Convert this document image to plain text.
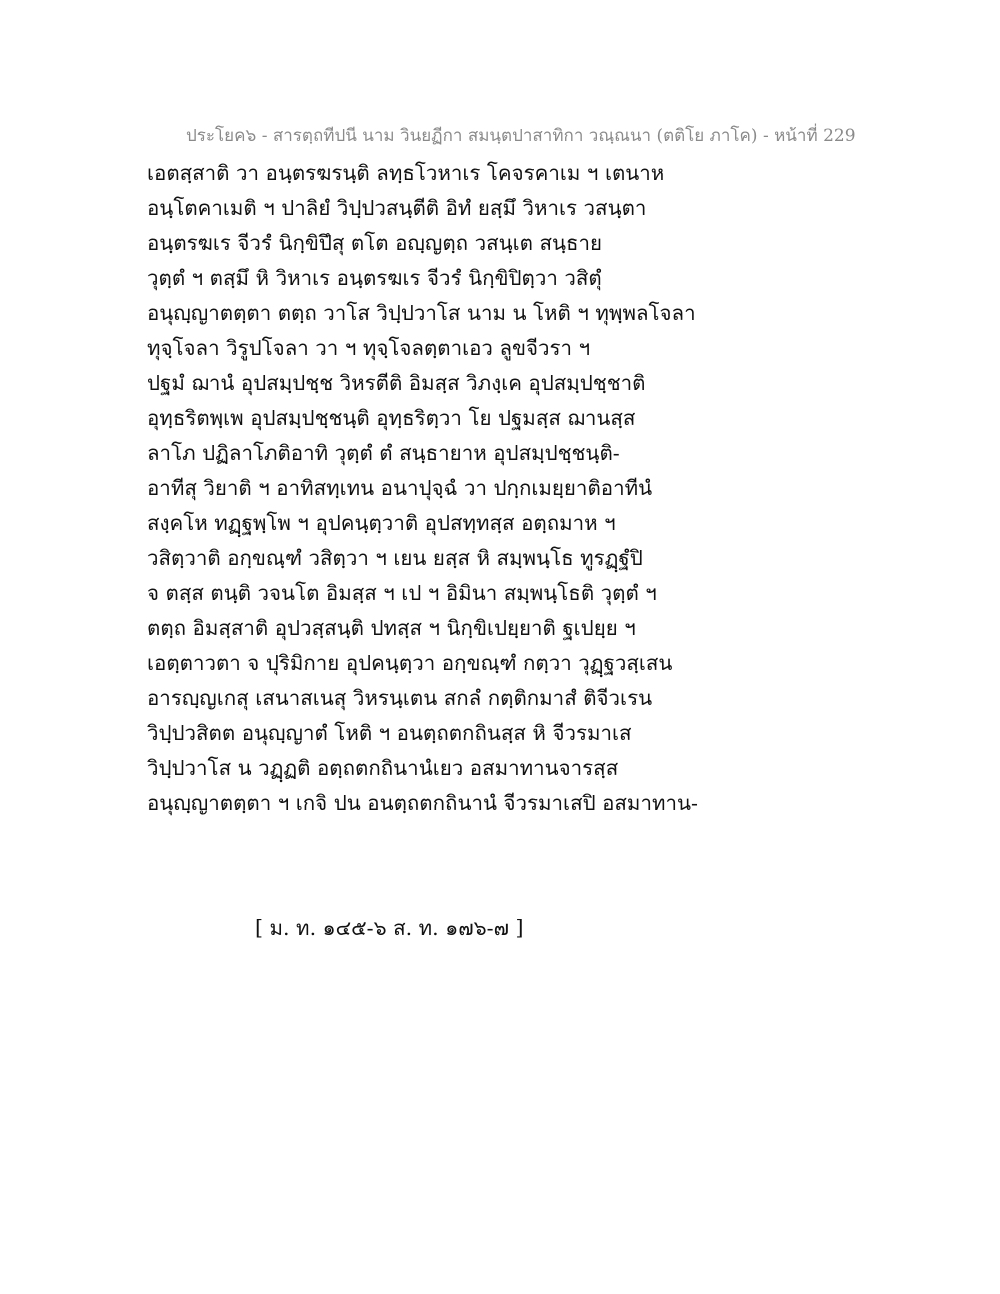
ประโยค๖ - สารตฺถทีปนี นาม วินยฏีกา สมนฺตปาสาทิกา วณฺณนา (ตติโย ภาโค) - หน้าที่ 229
เอตสฺสาติ วา อนฺตรฆรนฺติ ลทฺธโวหาเร โคจรคาเม ฯ เตนาห
อนฺโตคาเมติ ฯ ปาลิยํ วิปฺปวสนฺตีติ อิทํ ยสฺมึ วิหาเร วสนฺตา
อนฺตรฆเร จีวรํ นิกฺขิปึสุ ตโต อญฺญตฺถ วสนฺเต สนฺธาย
วุตฺตํ ฯ ตสฺมึ หิ วิหาเร อนฺตรฆเร จีวรํ นิกฺขิปิตฺวา วสิตุํ
อนุญฺญาตตฺตา ตตฺถ วาโส วิปฺปวาโส นาม น โหติ ฯ ทุพฺพลโจลา
ทุจฺโจลา วิรูปโจลา วา ฯ ทุจฺโจลตฺตาเอว ลูขจีวรา ฯ
ปฐมํ ฌานํ อุปสมฺปชฺช วิหรตีติ อิมสฺส วิภงฺเค อุปสมฺปชฺชาติ
อุทฺธริตพฺเพ อุปสมฺปชฺชนฺติ อุทฺธริตฺวา โย ปฐมสฺส ฌานสฺส
ลาโภ ปฏิลาโภติอาทิ วุตฺตํ ตํ สนฺธายาห อุปสมฺปชฺชนฺติ-
อาทีสุ วิยาติ ฯ อาทิสทฺเทน อนาปุจฺฉํ วา ปกฺกเมยฺยาติอาทีนํ
สงฺคโห ทฏฺฐพฺโพ ฯ อุปคนฺตฺวาติ อุปสทฺทสฺส อตฺถมาห ฯ
วสิตฺวาติ อกฺขณฺฑํ วสิตฺวา ฯ เยน ยสฺส หิ สมฺพนฺโธ ทูรฏฺฐํปิ
จ ตสฺส ตนฺติ วจนโต อิมสฺส ฯ เป ฯ อิมินา สมฺพนฺโธติ วุตฺตํ ฯ
ตตฺถ อิมสฺสาติ อุปวสฺสนฺติ ปทสฺส ฯ นิกฺขิเปยฺยาติ ฐเปยฺย ฯ
เอตฺตาวตา จ ปุริมิกาย อุปคนฺตฺวา อกฺขณฺฑํ กตฺวา วุฏฺฐวสฺเสน
อารญฺญเกสุ เสนาสเนสุ วิหรนฺเตน สกลํ กตฺติกมาสํ ติจีวเรน
วิปฺปวสิตต อนุญฺญาตํ โหติ ฯ อนตฺถตกถินสฺส หิ จีวรมาเส
วิปฺปวาโส น วฏฺฏติ อตฺถตกถินานํเยว อสมาทานจารสฺส
อนุญฺญาตตฺตา ฯ เกจิ ปน อนตฺถตกถินานํ จีวรมาเสปิ อสมาทาน-
[ ม. ท. ๑๔๕-๖ ส. ท. ๑๗๖-๗ ]
